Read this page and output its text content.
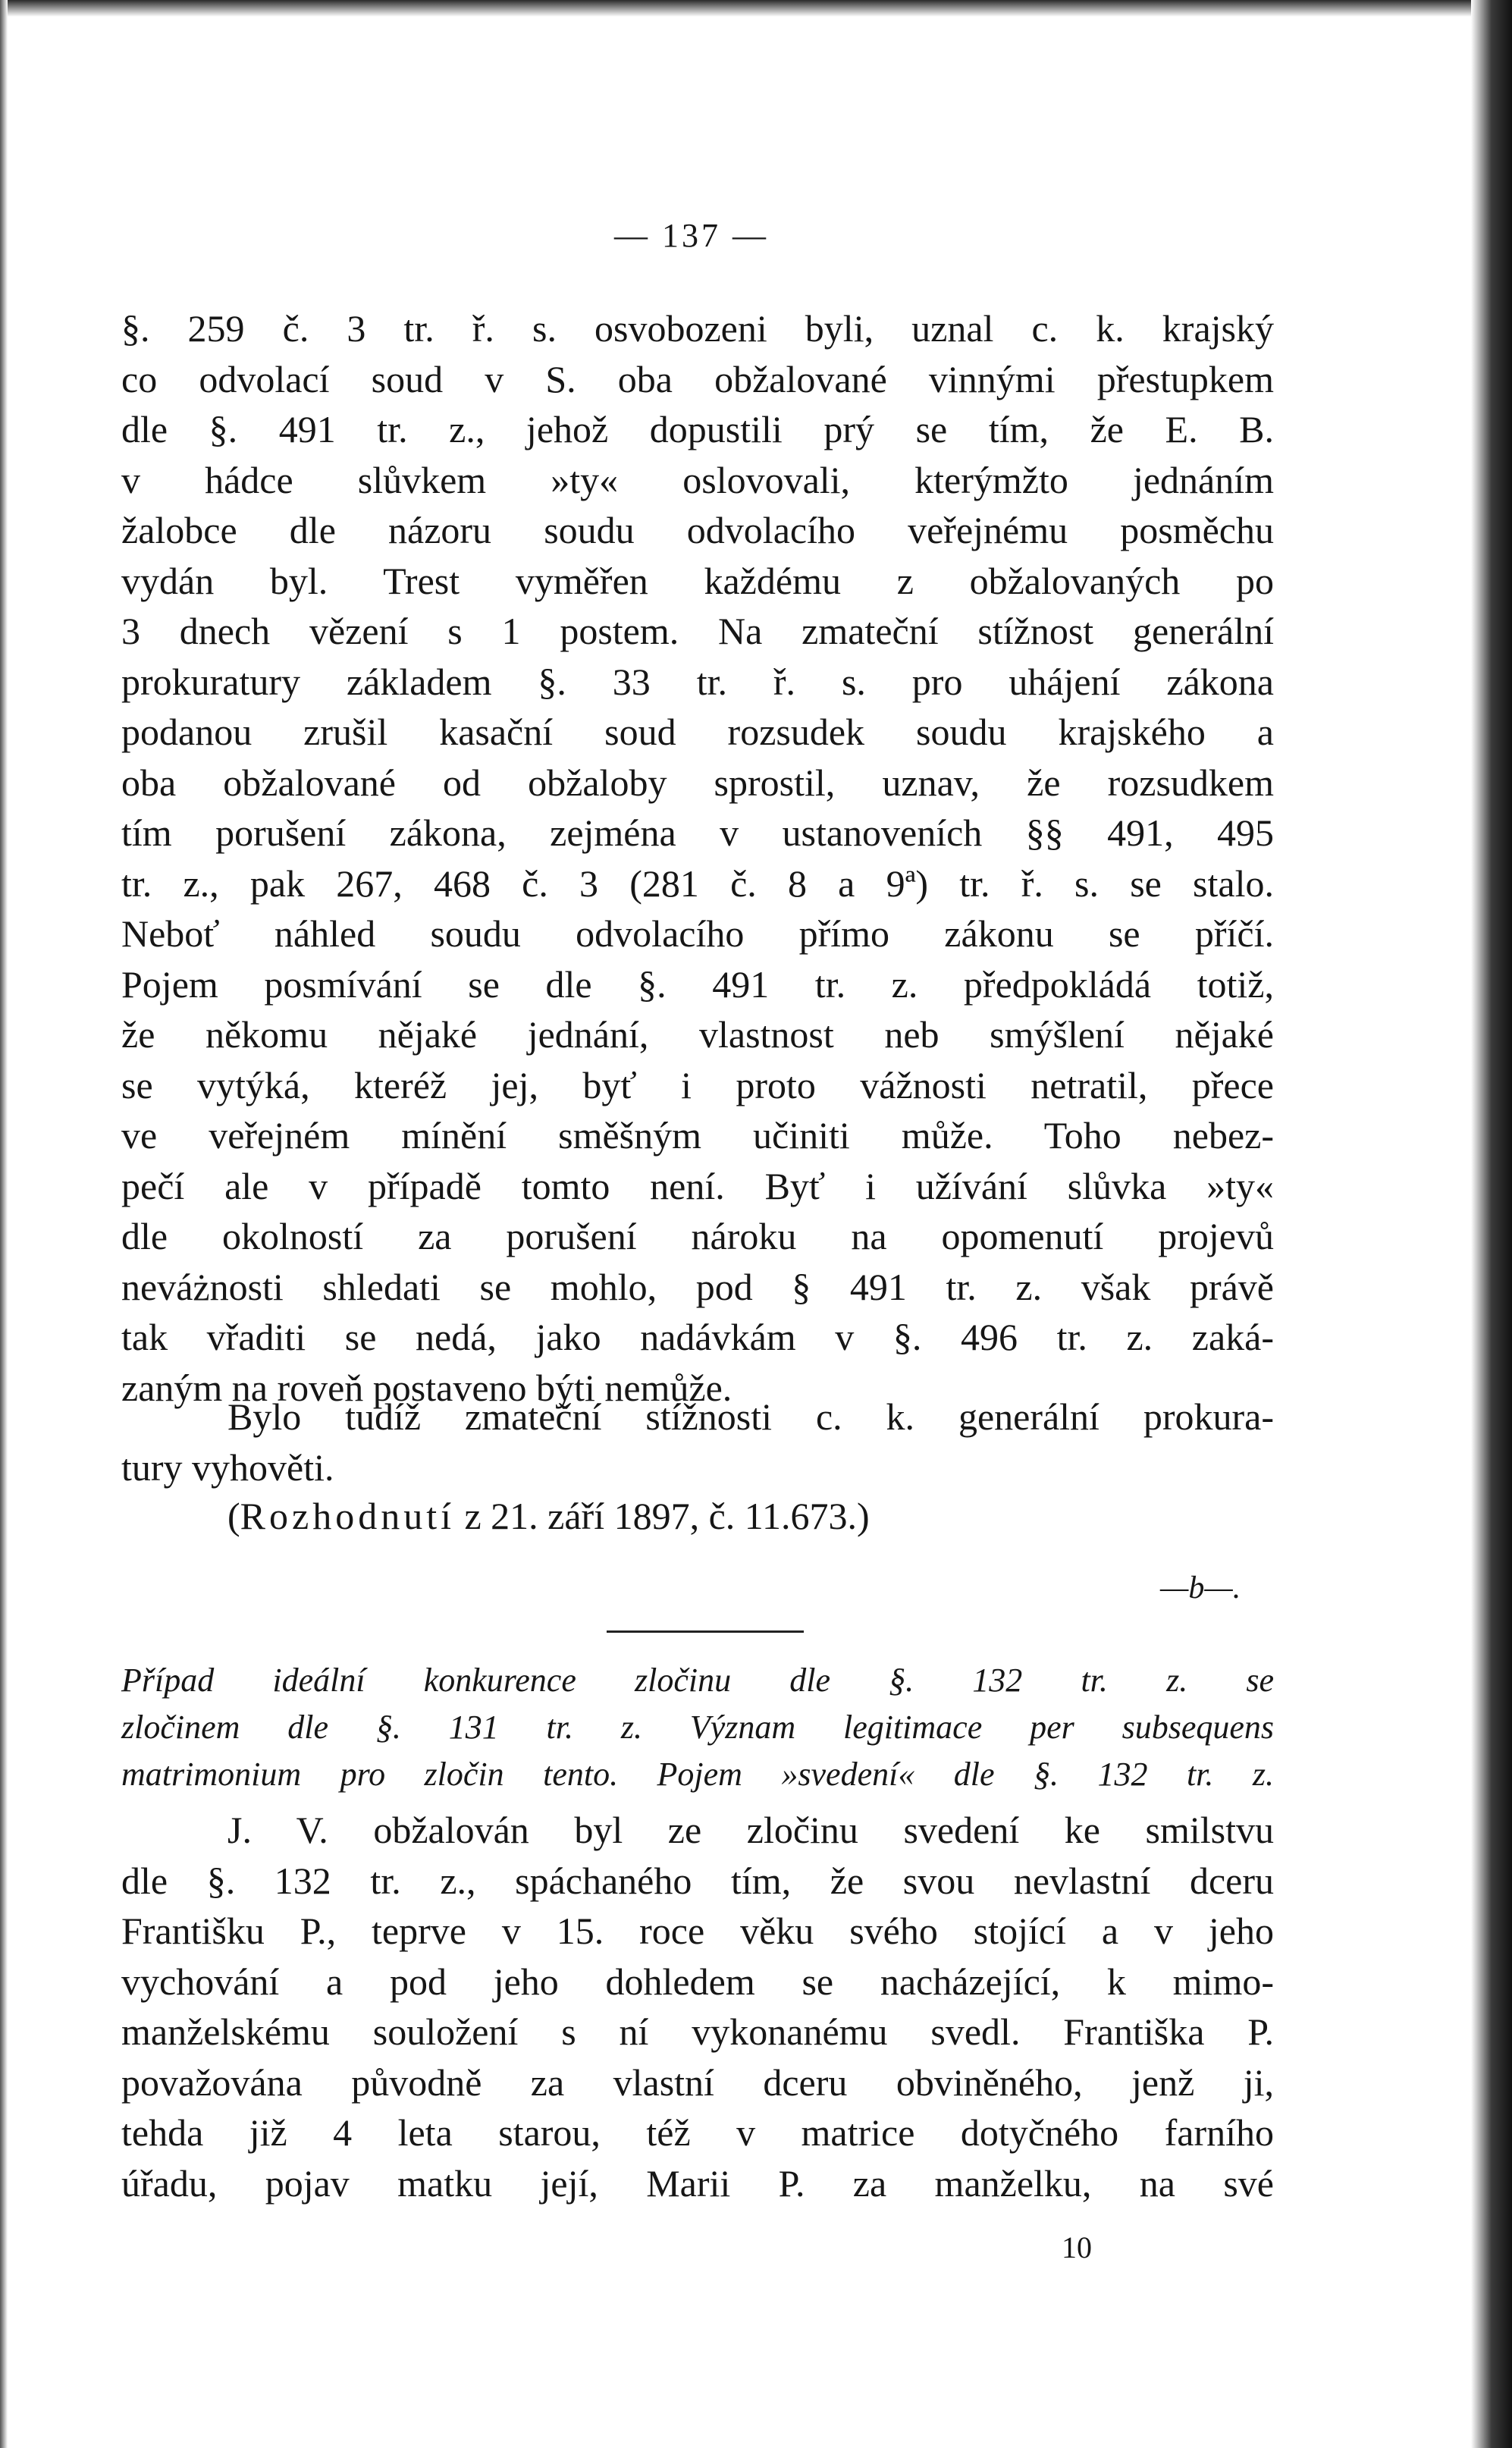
— 137 —
§. 259 č. 3 tr. ř. s. osvobozeni byli, uznal c. k. krajský
co odvolací soud v S. oba obžalované vinnými přestupkem
dle §. 491 tr. z., jehož dopustili prý se tím, že E. B.
v hádce slůvkem »ty« oslovovali, kterýmžto jednáním
žalobce dle názoru soudu odvolacího veřejnému posměchu
vydán byl. Trest vyměřen každému z obžalovaných po
3 dnech vězení s 1 postem. Na zmateční stížnost generální
prokuratury základem §. 33 tr. ř. s. pro uhájení zákona
podanou zrušil kasační soud rozsudek soudu krajského a
oba obžalované od obžaloby sprostil, uznav, že rozsudkem
tím porušení zákona, zejména v ustanoveních §§ 491, 495
tr. z., pak 267, 468 č. 3 (281 č. 8 a 9ª) tr. ř. s. se stalo.
Neboť náhled soudu odvolacího přímo zákonu se příčí.
Pojem posmívání se dle §. 491 tr. z. předpokládá totiž,
že někomu nějaké jednání, vlastnost neb smýšlení nějaké
se vytýká, kteréž jej, byť i proto vážnosti netratil, přece
ve veřejném mínění směšným učiniti může. Toho nebez-
pečí ale v případě tomto není. Byť i užívání slůvka »ty«
dle okolností za porušení nároku na opomenutí projevů
neváżnosti shledati se mohlo, pod § 491 tr. z. však právě
tak vřaditi se nedá, jako nadávkám v §. 496 tr. z. zaká-
zaným na roveň postaveno býti nemůže.
Bylo tudíž zmateční stížnosti c. k. generální prokura-
tury vyhověti.
(Rozhodnutí z 21. září 1897, č. 11.673.)
—b—.
Případ ideální konkurence zločinu dle §. 132 tr. z. se
zločinem dle §. 131 tr. z. Význam legitimace per subsequens
matrimonium pro zločin tento. Pojem »svedení« dle §. 132 tr. z.
J. V. obžalován byl ze zločinu svedení ke smilstvu
dle §. 132 tr. z., spáchaného tím, že svou nevlastní dceru
Františku P., teprve v 15. roce věku svého stojící a v jeho
vychování a pod jeho dohledem se nacházející, k mimo-
manželskému souložení s ní vykonanému svedl. Františka P.
považována původně za vlastní dceru obviněného, jenž ji,
tehda již 4 leta starou, též v matrice dotyčného farního
úřadu, pojav matku její, Marii P. za manželku, na své
10
